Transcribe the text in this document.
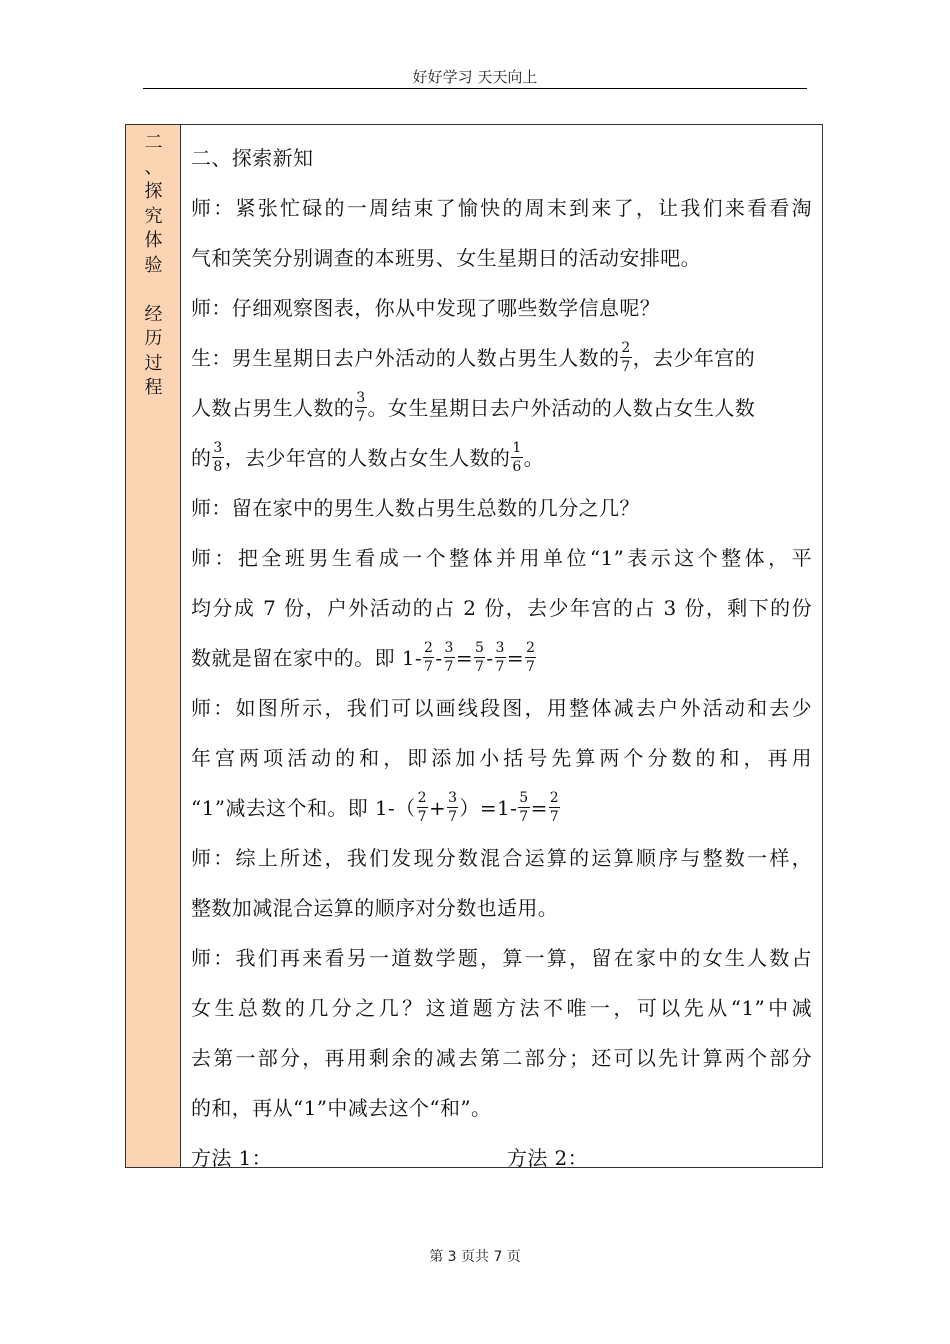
好好学习 天天向上
二
、
探
究
体
验
经
历
过
程
二、探索新知
师：紧张忙碌的一周结束了愉快的周末到来了，让我们来看看淘
气和笑笑分别调查的本班男、女生星期日的活动安排吧。
师：仔细观察图表，你从中发现了哪些数学信息呢？
生：男生星期日去户外活动的人数占男生人数的 $\frac{2}{7}$ ，去少年宫的
人数占男生人数的 $\frac{3}{7}$ 。女生星期日去户外活动的人数占女生人数
的 $\frac{3}{8}$ ，去少年宫的人数占女生人数的 $\frac{1}{6}$ 。
师：留在家中的男生人数占男生总数的几分之几？
师：把全班男生看成一个整体并用单位“1”表示这个整体，平
均分成 7 份，户外活动的占 2 份，去少年宫的占 3 份，剩下的份
数就是留在家中的。即 $1- \frac{2}{7} - \frac{3}{7} = \frac{5}{7} - \frac{3}{7} = \frac{2}{7}$
师：如图所示，我们可以画线段图，用整体减去户外活动和去少
年宫两项活动的和，即添加小括号先算两个分数的和，再用
“1”减去这个和。即 $1-( \frac{2}{7} + \frac{3}{7} )=1- \frac{5}{7} = \frac{2}{7}$
师：综上所述，我们发现分数混合运算的运算顺序与整数一样，
整数加减混合运算的顺序对分数也适用。
师：我们再来看另一道数学题，算一算，留在家中的女生人数占
女生总数的几分之几？这道题方法不唯一，可以先从“1”中减
去第一部分，再用剩余的减去第二部分；还可以先计算两个部分
的和，再从“1”中减去这个“和”。
方法 1：	方法 2：
第 3 页共 7 页
